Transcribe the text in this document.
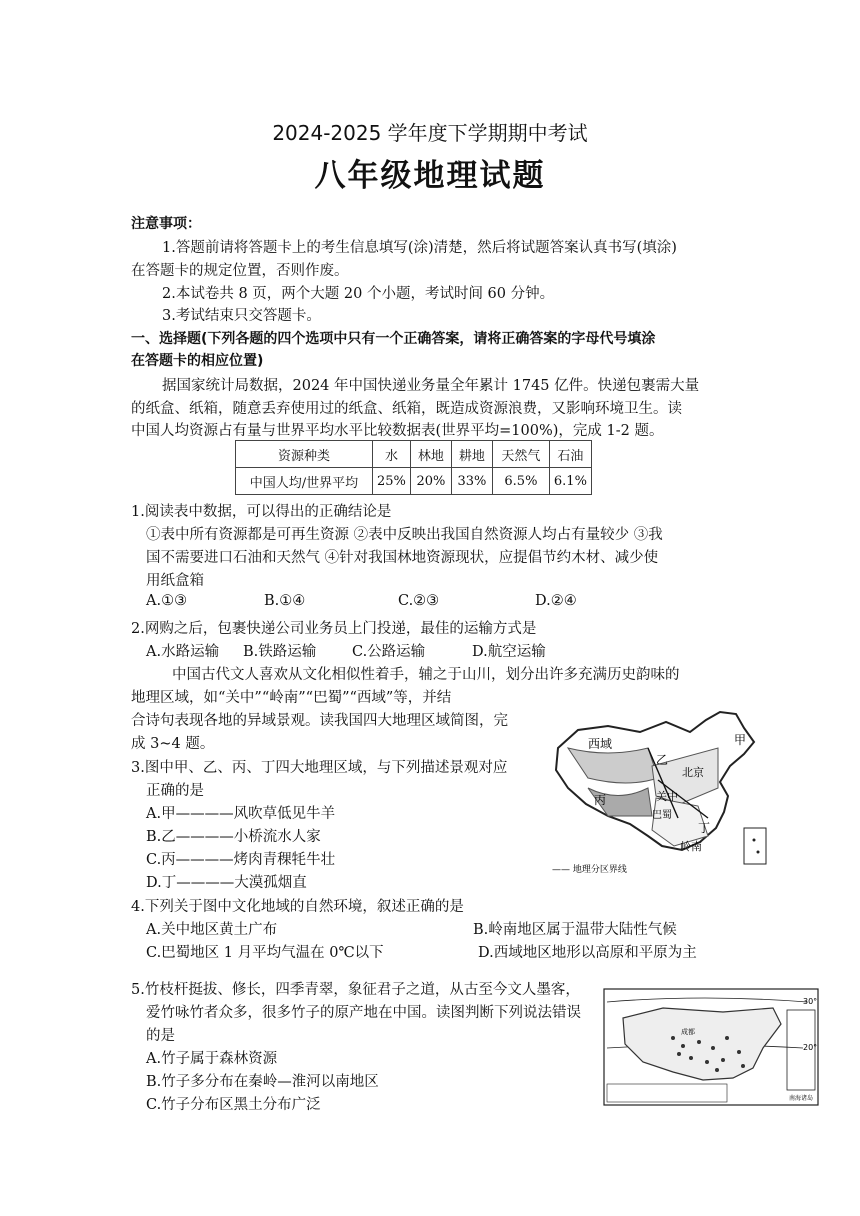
2024-2025 学年度下学期期中考试
八年级地理试题
注意事项：
1.答题前请将答题卡上的考生信息填写(涂)清楚，然后将试题答案认真书写(填涂)
在答题卡的规定位置，否则作废。
2.本试卷共 8 页，两个大题 20 个小题，考试时间 60 分钟。
3.考试结束只交答题卡。
一、选择题(下列各题的四个选项中只有一个正确答案，请将正确答案的字母代号填涂
在答题卡的相应位置)
据国家统计局数据，2024 年中国快递业务量全年累计 1745 亿件。快递包裹需大量
的纸盒、纸箱，随意丢弃使用过的纸盒、纸箱，既造成资源浪费，又影响环境卫生。读
中国人均资源占有量与世界平均水平比较数据表(世界平均=100%)，完成 1-2 题。
资源种类	水	林地	耕地	天然气	石油
中国人均/世界平均	25%	20%	33%	6.5%	6.1%
1.阅读表中数据，可以得出的正确结论是
①表中所有资源都是可再生资源 ②表中反映出我国自然资源人均占有量较少 ③我
国不需要进口石油和天然气 ④针对我国林地资源现状，应提倡节约木材、减少使
用纸盒箱
A.①③	B.①④	C.②③	D.②④
2.网购之后，包裹快递公司业务员上门投递，最佳的运输方式是
A.水路运输 B.铁路运输 C.公路运输	D.航空运输
中国古代文人喜欢从文化相似性着手，辅之于山川，划分出许多充满历史韵味的
地理区域，如“关中”“岭南”“巴蜀”“西域”等，并结
合诗句表现各地的异域景观。读我国四大地理区域简图，完
成 3~4 题。
3.图中甲、乙、丙、丁四大地理区域，与下列描述景观对应
正确的是
A.甲————风吹草低见牛羊
B.乙————小桥流水人家
C.丙————烤肉青稞牦牛壮
D.丁————大漠孤烟直
西域	甲
北京
乙
丙	关中
巴蜀
丁
岭南
—— 地理分区界线
4.下列关于图中文化地域的自然环境，叙述正确的是
A.关中地区黄土广布	B.岭南地区属于温带大陆性气候
C.巴蜀地区 1 月平均气温在 0℃以下	D.西域地区地形以高原和平原为主
5.竹枝杆挺拔、修长，四季青翠，象征君子之道，从古至今文人墨客，
爱竹咏竹者众多，很多竹子的原产地在中国。读图判断下列说法错误
的是
A.竹子属于森林资源
B.竹子多分布在秦岭—淮河以南地区
C.竹子分布区黑土分布广泛
30°
20°
成都
南海诸岛
